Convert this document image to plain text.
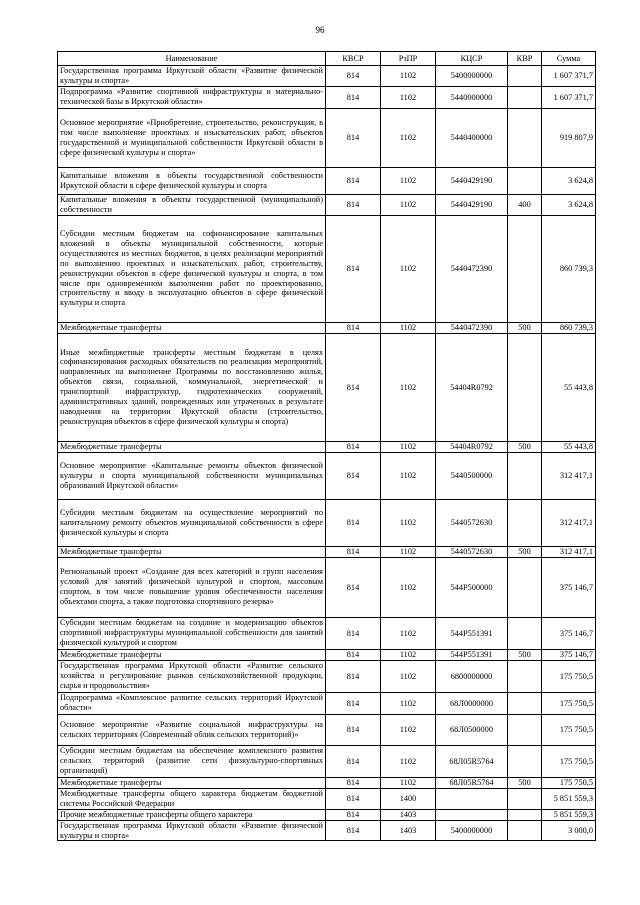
96
Наименование	КВСР	РзПР	КЦСР	КВР	Сумма
Государственная программа Иркутской области «Развитие физической культуры и спорта»	814	1102	5400000000		1 607 371,7
Подпрограмма «Развитие спортивной инфраструктуры и материально- технической базы в Иркутской области»	814	1102	5440000000		1 607 371,7
Основное мероприятие «Приобретение, строительство, реконструкция, в том числе выполнение проектных и изыскательских работ, объектов государственной и муниципальной собственности Иркутской области в сфере физической культуры и спорта»	814	1102	5440400000		919 807,9
Капитальные вложения в объекты государственной собственности Иркутской области в сфере физической культуры и спорта	814	1102	5440429190		3 624,8
Капитальные вложения в объекты государственной (муниципальной) собственности	814	1102	5440429190	400	3 624,8
Субсидии местным бюджетам на софинансирование капитальных вложений в объекты муниципальной собственности, которые осуществляются из местных бюджетов, в целях реализации мероприятий по выполнению проектных и изыскательских работ, строительству, реконструкции объектов в сфере физической культуры и спорта, в том числе при одновременном выполнении работ по проектированию, строительству и вводу в эксплуатацию объектов в сфере физической культуры и спорта	814	1102	5440472390		860 739,3
Межбюджетные трансферты	814	1102	5440472390	500	860 739,3
Иные межбюджетные трансферты местным бюджетам в целях софинансирования расходных обязательств по реализации мероприятий, направленных на выполнение Программы по восстановлению жилья, объектов связи, социальной, коммунальной, энергетической и транспортной инфраструктур, гидротехнических сооружений, административных зданий, поврежденных или утраченных в результате наводнения на территории Иркутской области (строительство, реконструкция объектов в сфере физической культуры и спорта)	814	1102	54404R0792		55 443,8
Межбюджетные трансферты	814	1102	54404R0792	500	55 443,8
Основное мероприятие «Капитальные ремонты объектов физической культуры и спорта муниципальной собственности муниципальных образований Иркутской области»	814	1102	5440500000		312 417,1
Субсидии местным бюджетам на осуществление мероприятий по капитальному ремонту объектов муниципальной собственности в сфере физической культуры и спорта	814	1102	5440572630		312 417,1
Межбюджетные трансферты	814	1102	5440572630	500	312 417,1
Региональный проект «Создание для всех категорий и групп населения условий для занятий физической культурой и спортом, массовым спортом, в том числе повышение уровня обеспеченности населения объектами спорта, а также подготовка спортивного резерва»	814	1102	544P500000		375 146,7
Субсидии местным бюджетам на создание и модернизацию объектов спортивной инфраструктуры муниципальной собственности для занятий физической культурой и спортом	814	1102	544P551391		375 146,7
Межбюджетные трансферты	814	1102	544P551391	500	375 146,7
Государственная программа Иркутской области «Развитие сельского хозяйства и регулирование рынков сельскохозяйственной продукции, сырья и продовольствия»	814	1102	6800000000		175 750,5
Подпрограмма «Комплексное развитие сельских территорий Иркутской области»	814	1102	68Л0000000		175 750,5
Основное мероприятие «Развитие социальной инфраструктуры на сельских территориях (Современный облик сельских территорий)»	814	1102	68Л0500000		175 750,5
Субсидии местным бюджетам на обеспечение комплексного развития сельских территорий (развитие сети физкультурно-спортивных организаций)	814	1102	68Л05R5764		175 750,5
Межбюджетные трансферты	814	1102	68Л05R5764	500	175 750,5
Межбюджетные трансферты общего характера бюджетам бюджетной системы Российской Федерации	814	1400			5 851 559,3
Прочие межбюджетные трансферты общего характера	814	1403			5 851 559,3
Государственная программа Иркутской области «Развитие физической культуры и спорта»	814	1403	5400000000		3 000,0
